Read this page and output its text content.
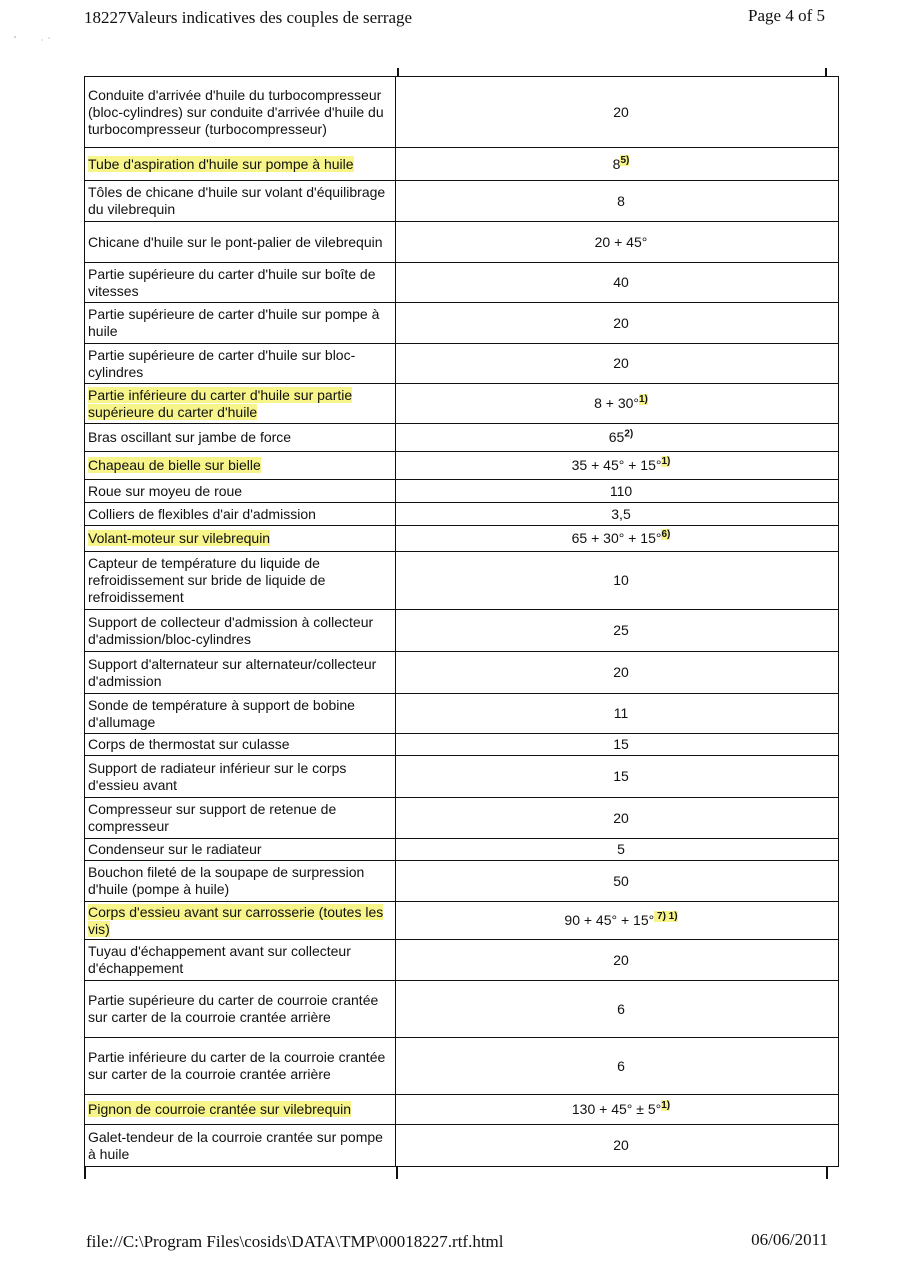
18227Valeurs indicatives des couples de serrage	Page 4 of 5
Conduite d'arrivée d'huile du turbocompresseur (bloc-cylindres) sur conduite d'arrivée d'huile du turbocompresseur (turbocompresseur)	20
Tube d'aspiration d'huile sur pompe à huile	8$^{5)}$
Tôles de chicane d'huile sur volant d'équilibrage du vilebrequin	8
Chicane d'huile sur le pont-palier de vilebrequin	20 + 45°
Partie supérieure du carter d'huile sur boîte de vitesses	40
Partie supérieure de carter d'huile sur pompe à huile	20
Partie supérieure de carter d'huile sur bloc-cylindres	20
Partie inférieure du carter d'huile sur partie supérieure du carter d'huile	8 + 30°$^{1)}$
Bras oscillant sur jambe de force	65$^{2)}$
Chapeau de bielle sur bielle	35 + 45° + 15°$^{1)}$
Roue sur moyeu de roue	110
Colliers de flexibles d'air d'admission	3,5
Volant-moteur sur vilebrequin	65 + 30° + 15°$^{6)}$
Capteur de température du liquide de refroidissement sur bride de liquide de refroidissement	10
Support de collecteur d'admission à collecteur d'admission/bloc-cylindres	25
Support d'alternateur sur alternateur/collecteur d'admission	20
Sonde de température à support de bobine d'allumage	11
Corps de thermostat sur culasse	15
Support de radiateur inférieur sur le corps d'essieu avant	15
Compresseur sur support de retenue de compresseur	20
Condenseur sur le radiateur	5
Bouchon fileté de la soupape de surpression d'huile (pompe à huile)	50
Corps d'essieu avant sur carrosserie (toutes les vis)	90 + 45° + 15° $^{7) 1)}$
Tuyau d'échappement avant sur collecteur d'échappement	20
Partie supérieure du carter de courroie crantée sur carter de la courroie crantée arrière	6
Partie inférieure du carter de la courroie crantée sur carter de la courroie crantée arrière	6
Pignon de courroie crantée sur vilebrequin	130 + 45° ± 5°$^{1)}$
Galet-tendeur de la courroie crantée sur pompe à huile	20
file://C:\Program Files\cosids\DATA\TMP\00018227.rtf.html	06/06/2011
